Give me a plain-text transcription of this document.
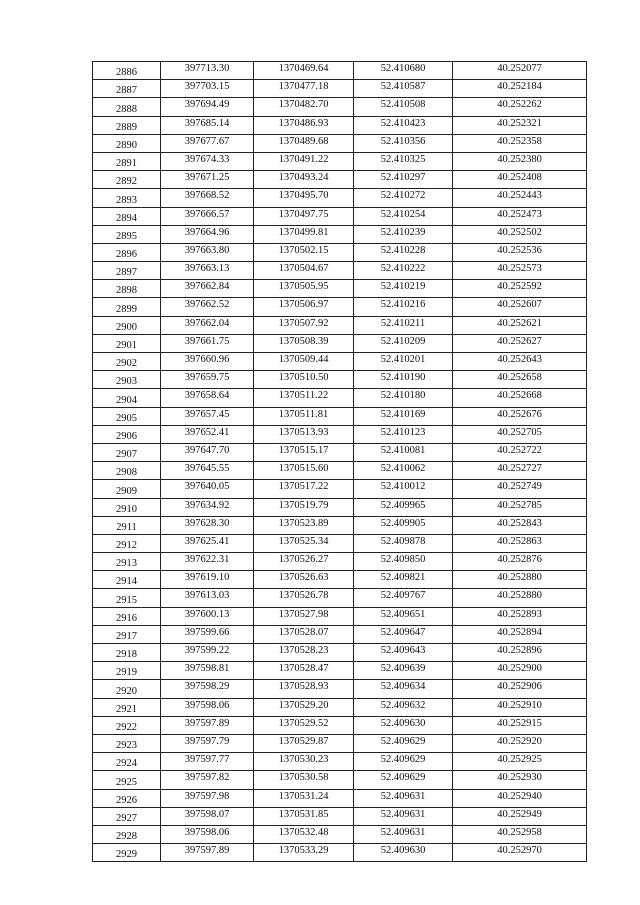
2886	397713.30	1370469.64	52.410680	40.252077
2887	397703.15	1370477.18	52.410587	40.252184
2888	397694.49	1370482.70	52.410508	40.252262
2889	397685.14	1370486.93	52.410423	40.252321
2890	397677.67	1370489.68	52.410356	40.252358
2891	397674.33	1370491.22	52.410325	40.252380
2892	397671.25	1370493.24	52.410297	40.252408
2893	397668.52	1370495.70	52.410272	40.252443
2894	397666.57	1370497.75	52.410254	40.252473
2895	397664.96	1370499.81	52.410239	40.252502
2896	397663.80	1370502.15	52.410228	40.252536
2897	397663.13	1370504.67	52.410222	40.252573
2898	397662.84	1370505.95	52.410219	40.252592
2899	397662.52	1370506.97	52.410216	40.252607
2900	397662.04	1370507.92	52.410211	40.252621
2901	397661.75	1370508.39	52.410209	40.252627
2902	397660.96	1370509.44	52.410201	40.252643
2903	397659.75	1370510.50	52.410190	40.252658
2904	397658.64	1370511.22	52.410180	40.252668
2905	397657.45	1370511.81	52.410169	40.252676
2906	397652.41	1370513.93	52.410123	40.252705
2907	397647.70	1370515.17	52.410081	40.252722
2908	397645.55	1370515.60	52.410062	40.252727
2909	397640.05	1370517.22	52.410012	40.252749
2910	397634.92	1370519.79	52.409965	40.252785
2911	397628.30	1370523.89	52.409905	40.252843
2912	397625.41	1370525.34	52.409878	40.252863
2913	397622.31	1370526.27	52.409850	40.252876
2914	397619.10	1370526.63	52.409821	40.252880
2915	397613.03	1370526.78	52.409767	40.252880
2916	397600.13	1370527.98	52.409651	40.252893
2917	397599.66	1370528.07	52.409647	40.252894
2918	397599.22	1370528.23	52.409643	40.252896
2919	397598.81	1370528.47	52.409639	40.252900
2920	397598.29	1370528.93	52.409634	40.252906
2921	397598.06	1370529.20	52.409632	40.252910
2922	397597.89	1370529.52	52.409630	40.252915
2923	397597.79	1370529.87	52.409629	40.252920
2924	397597.77	1370530.23	52.409629	40.252925
2925	397597.82	1370530.58	52.409629	40.252930
2926	397597.98	1370531.24	52.409631	40.252940
2927	397598.07	1370531.85	52.409631	40.252949
2928	397598.06	1370532.48	52.409631	40.252958
2929	397597.89	1370533.29	52.409630	40.252970
